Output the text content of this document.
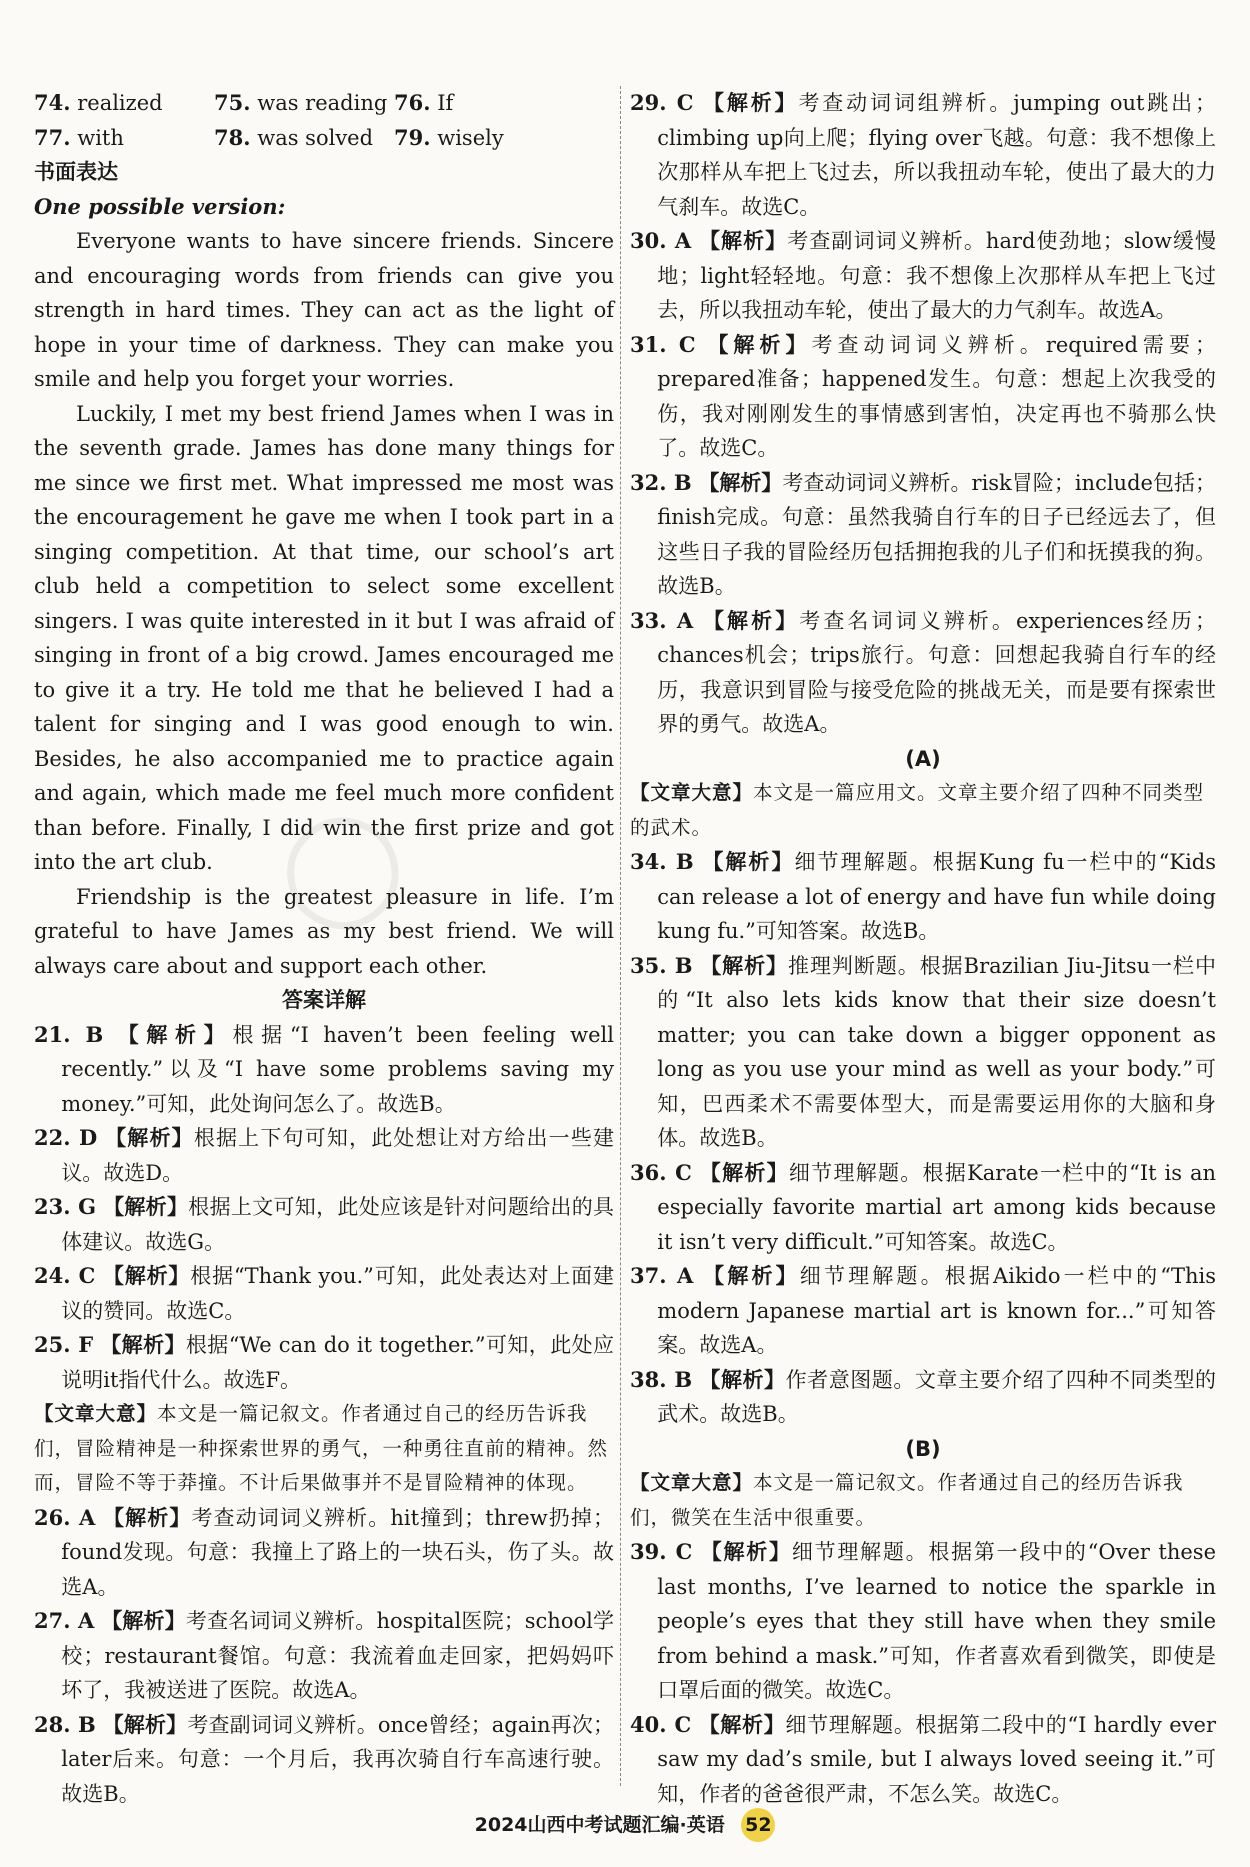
◯
74. realized	75. was reading 76. If
77. with	78. was solved 79. wisely
书面表达
One possible version:

Everyone wants to have sincere friends. Sincere and encouraging words from friends can give you strength in hard times. They can act as the light of hope in your time of darkness. They can make you smile and help you forget your worries.

Luckily, I met my best friend James when I was in the seventh grade. James has done many things for me since we first met. What impressed me most was the encouragement he gave me when I took part in a singing competition. At that time, our school’s art club held a competition to select some excellent singers. I was quite interested in it but I was afraid of singing in front of a big crowd. James encouraged me to give it a try. He told me that he believed I had a talent for singing and I was good enough to win. Besides, he also accompanied me to practice again and again, which made me feel much more confident than before. Finally, I did win the first prize and got into the art club.

Friendship is the greatest pleasure in life. I’m grateful to have James as my best friend. We will always care about and support each other.

答案详解

21. B 【解析】根据“I haven’t been feeling well recently.”以及“I have some problems saving my money.”可知，此处询问怎么了。故选B。

22. D 【解析】根据上下句可知，此处想让对方给出一些建议。故选D。

23. G 【解析】根据上文可知，此处应该是针对问题给出的具体建议。故选G。

24. C 【解析】根据“Thank you.”可知，此处表达对上面建议的赞同。故选C。

25. F 【解析】根据“We can do it together.”可知，此处应说明it指代什么。故选F。

【文章大意】本文是一篇记叙文。作者通过自己的经历告诉我们，冒险精神是一种探索世界的勇气，一种勇往直前的精神。然而，冒险不等于莽撞。不计后果做事并不是冒险精神的体现。

26. A 【解析】考查动词词义辨析。hit撞到；threw扔掉；found发现。句意：我撞上了路上的一块石头，伤了头。故选A。

27. A 【解析】考查名词词义辨析。hospital医院；school学校；restaurant餐馆。句意：我流着血走回家，把妈妈吓坏了，我被送进了医院。故选A。

28. B 【解析】考查副词词义辨析。once曾经；again再次；later后来。句意：一个月后，我再次骑自行车高速行驶。故选B。

29. C 【解析】考查动词词组辨析。jumping out跳出；climbing up向上爬；flying over飞越。句意：我不想像上次那样从车把上飞过去，所以我扭动车轮，使出了最大的力气刹车。故选C。

30. A 【解析】考查副词词义辨析。hard使劲地；slow缓慢地；light轻轻地。句意：我不想像上次那样从车把上飞过去，所以我扭动车轮，使出了最大的力气刹车。故选A。

31. C 【解析】考查动词词义辨析。required需要；prepared准备；happened发生。句意：想起上次我受的伤，我对刚刚发生的事情感到害怕，决定再也不骑那么快了。故选C。

32. B 【解析】考查动词词义辨析。risk冒险；include包括；finish完成。句意：虽然我骑自行车的日子已经远去了，但这些日子我的冒险经历包括拥抱我的儿子们和抚摸我的狗。故选B。

33. A 【解析】考查名词词义辨析。experiences经历；chances机会；trips旅行。句意：回想起我骑自行车的经历，我意识到冒险与接受危险的挑战无关，而是要有探索世界的勇气。故选A。

(A)

【文章大意】本文是一篇应用文。文章主要介绍了四种不同类型的武术。

34. B 【解析】细节理解题。根据Kung fu一栏中的“Kids can release a lot of energy and have fun while doing kung fu.”可知答案。故选B。

35. B 【解析】推理判断题。根据Brazilian Jiu-Jitsu一栏中的“It also lets kids know that their size doesn’t matter; you can take down a bigger opponent as long as you use your mind as well as your body.”可知，巴西柔术不需要体型大，而是需要运用你的大脑和身体。故选B。

36. C 【解析】细节理解题。根据Karate一栏中的“It is an especially favorite martial art among kids because it isn’t very difficult.”可知答案。故选C。

37. A 【解析】细节理解题。根据Aikido一栏中的“This modern Japanese martial art is known for...”可知答案。故选A。

38. B 【解析】作者意图题。文章主要介绍了四种不同类型的武术。故选B。

(B)

【文章大意】本文是一篇记叙文。作者通过自己的经历告诉我们，微笑在生活中很重要。

39. C 【解析】细节理解题。根据第一段中的“Over these last months, I’ve learned to notice the sparkle in people’s eyes that they still have when they smile from behind a mask.”可知，作者喜欢看到微笑，即使是口罩后面的微笑。故选C。

40. C 【解析】细节理解题。根据第二段中的“I hardly ever saw my dad’s smile, but I always loved seeing it.”可知，作者的爸爸很严肃，不怎么笑。故选C。

2024山西中考试题汇编·英语 52
